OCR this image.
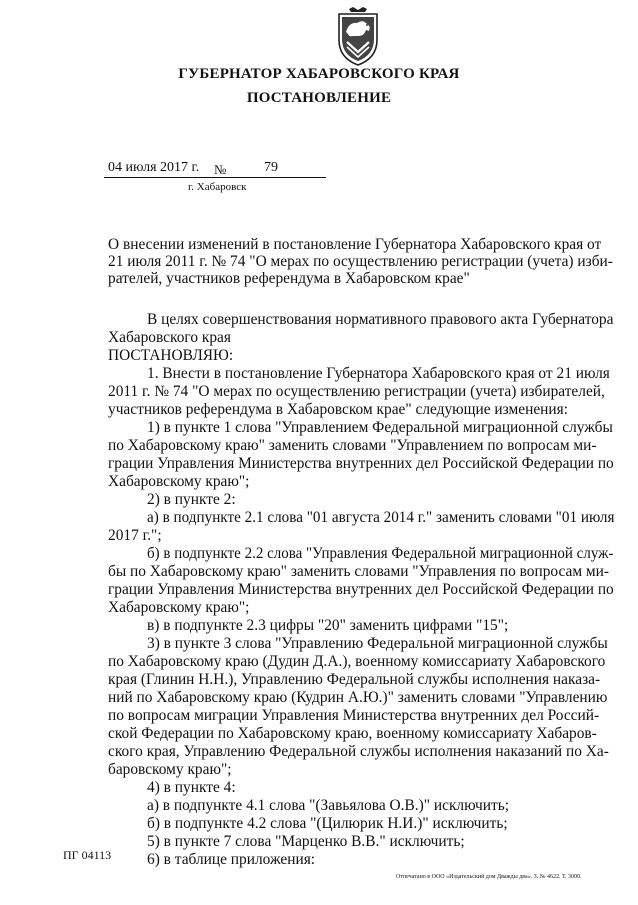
ГУБЕРНАТОР ХАБАРОВСКОГО КРАЯ
ПОСТАНОВЛЕНИЕ
04 июля 2017 г. №	79
г. Хабаровск
О внесении изменений в постановление Губернатора Хабаровского края от
21 июля 2011 г. № 74 "О мерах по осуществлению регистрации (учета) изби-
рателей, участников референдума в Хабаровском крае"
В целях совершенствования нормативного правового акта Губернатора
Хабаровского края
ПОСТАНОВЛЯЮ:
1. Внести в постановление Губернатора Хабаровского края от 21 июля
2011 г. № 74 "О мерах по осуществлению регистрации (учета) избирателей,
участников референдума в Хабаровском крае" следующие изменения:
1) в пункте 1 слова "Управлением Федеральной миграционной службы
по Хабаровскому краю" заменить словами "Управлением по вопросам ми-
грации Управления Министерства внутренних дел Российской Федерации по
Хабаровскому краю";
2) в пункте 2:
а) в подпункте 2.1 слова "01 августа 2014 г." заменить словами "01 июля
2017 г.";
б) в подпункте 2.2 слова "Управления Федеральной миграционной служ-
бы по Хабаровскому краю" заменить словами "Управления по вопросам ми-
грации Управления Министерства внутренних дел Российской Федерации по
Хабаровскому краю";
в) в подпункте 2.3 цифры "20" заменить цифрами "15";
3) в пункте 3 слова "Управлению Федеральной миграционной службы
по Хабаровскому краю (Дудин Д.А.), военному комиссариату Хабаровского
края (Глинин Н.Н.), Управлению Федеральной службы исполнения наказа-
ний по Хабаровскому краю (Кудрин А.Ю.)" заменить словами "Управлению
по вопросам миграции Управления Министерства внутренних дел Россий-
ской Федерации по Хабаровскому краю, военному комиссариату Хабаров-
ского края, Управлению Федеральной службы исполнения наказаний по Ха-
баровскому краю";
4) в пункте 4:
а) в подпункте 4.1 слова "(Завьялова О.В.)" исключить;
б) в подпункте 4.2 слова "(Цилюрик Н.И.)" исключить;
5) в пункте 7 слова "Марценко В.В." исключить;
6) в таблице приложения:
ПГ 04113
Отпечатано в ООО «Издательский дом Дважды два». З. № 4622. Т. 3000.
